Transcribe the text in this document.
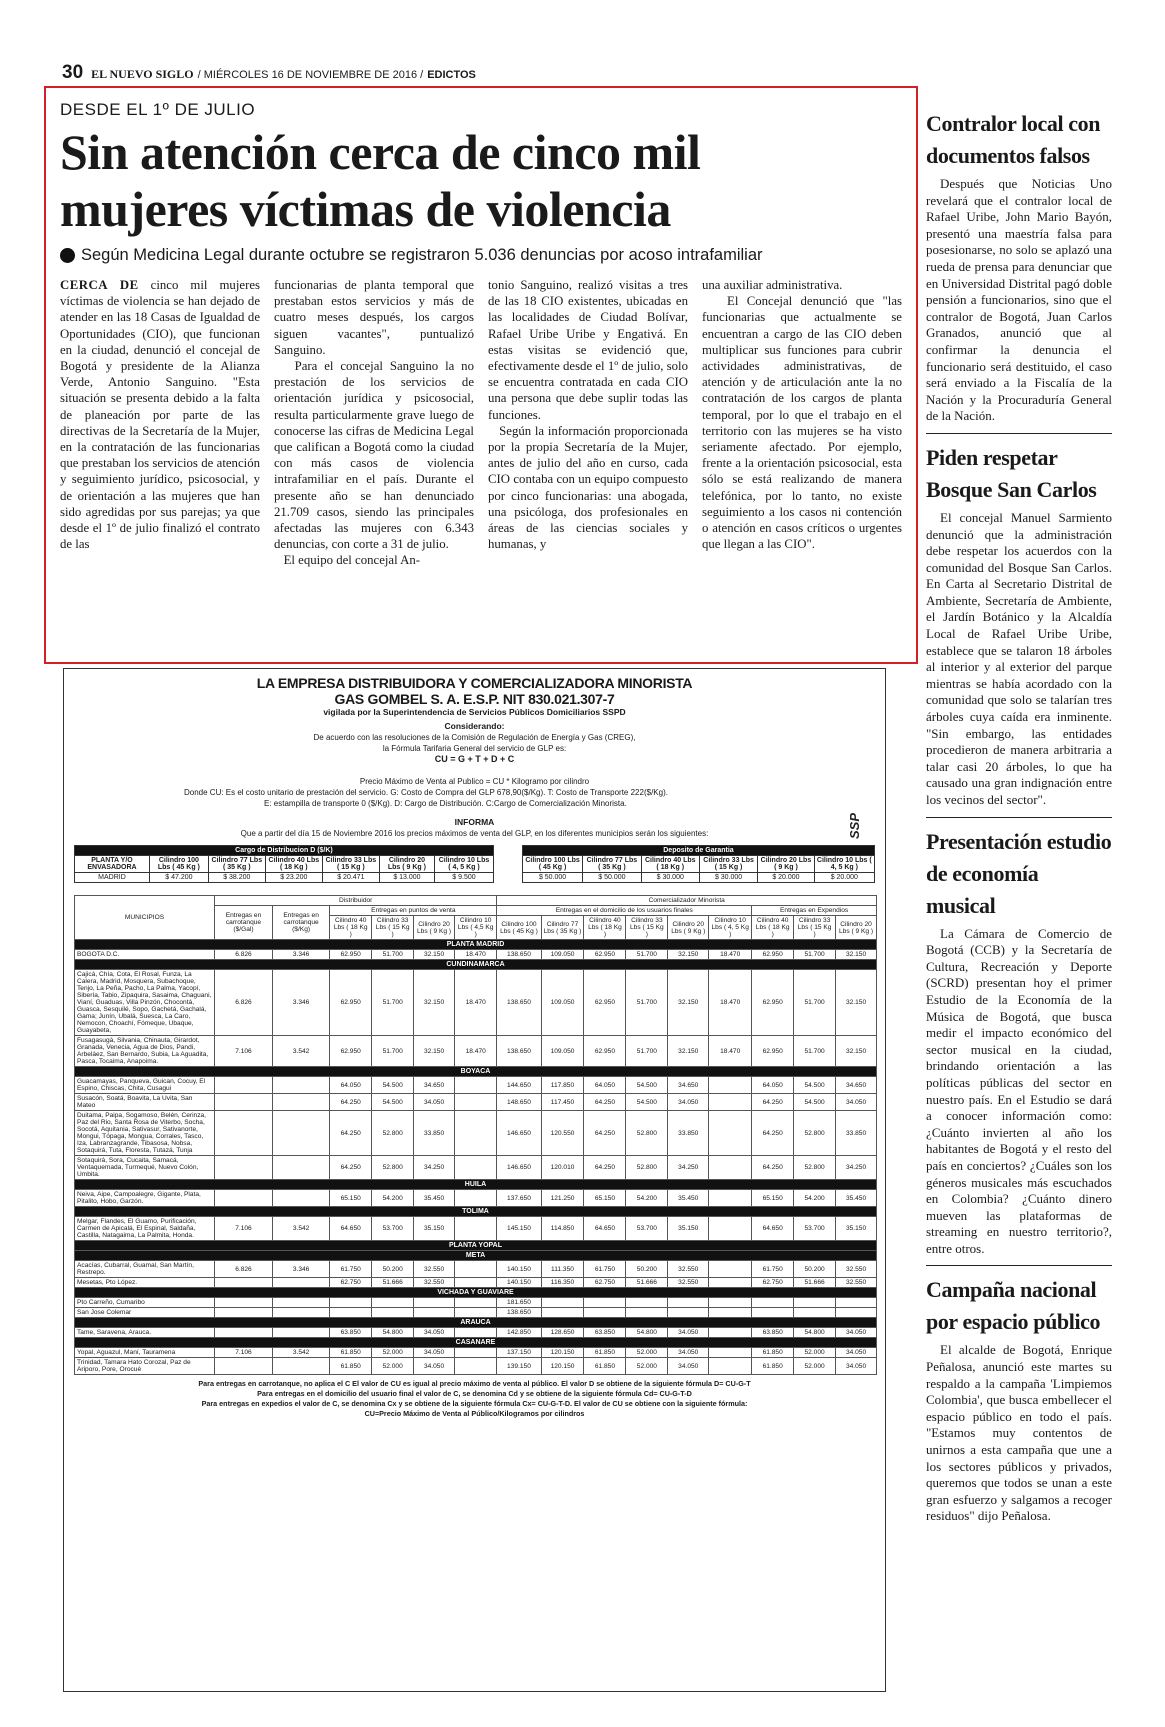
30 EL NUEVO SIGLO / MIÉRCOLES 16 DE NOVIEMBRE DE 2016 / EDICTOS
DESDE EL 1º DE JULIO
Sin atención cerca de cinco mil
mujeres víctimas de violencia
Según Medicina Legal durante octubre se registraron 5.036 denuncias por acoso intrafamiliar

CERCA DE cinco mil mujeres víctimas de violencia se han dejado de atender en las 18 Casas de Igualdad de Oportunidades (CIO), que funcionan en la ciudad, denunció el concejal de Bogotá y presidente de la Alianza Verde, Antonio Sanguino. "Esta situación se presenta debido a la falta de planeación por parte de las directivas de la Secretaría de la Mujer, en la contratación de las funcionarias que prestaban los servicios de atención y seguimiento jurídico, psicosocial, y de orientación a las mujeres que han sido agredidas por sus parejas; ya que desde el 1º de julio finalizó el contrato de las

funcionarias de planta temporal que prestaban estos servicios y más de cuatro meses después, los cargos siguen vacantes", puntualizó Sanguino.
Para el concejal Sanguino la no prestación de los servicios de orientación jurídica y psicosocial, resulta particularmente grave luego de conocerse las cifras de Medicina Legal que califican a Bogotá como la ciudad con más casos de violencia intrafamiliar en el país. Durante el presente año se han denunciado 21.709 casos, siendo las principales afectadas las mujeres con 6.343 denuncias, con corte a 31 de julio.
El equipo del concejal An-

tonio Sanguino, realizó visitas a tres de las 18 CIO existentes, ubicadas en las localidades de Ciudad Bolívar, Rafael Uribe Uribe y Engativá. En estas visitas se evidenció que, efectivamente desde el 1º de julio, solo se encuentra contratada en cada CIO una persona que debe suplir todas las funciones.
Según la información proporcionada por la propia Secretaría de la Mujer, antes de julio del año en curso, cada CIO contaba con un equipo compuesto por cinco funcionarias: una abogada, una psicóloga, dos profesionales en áreas de las ciencias sociales y humanas, y

una auxiliar administrativa.
El Concejal denunció que "las funcionarias que actualmente se encuentran a cargo de las CIO deben multiplicar sus funciones para cubrir actividades administrativas, de atención y de articulación ante la no contratación de los cargos de planta temporal, por lo que el trabajo en el territorio con las mujeres se ha visto seriamente afectado. Por ejemplo, frente a la orientación psicosocial, esta sólo se está realizando de manera telefónica, por lo tanto, no existe seguimiento a los casos ni contención o atención en casos críticos o urgentes que llegan a las CIO".

LA EMPRESA DISTRIBUIDORA Y COMERCIALIZADORA MINORISTA
GAS GOMBEL S. A. E.S.P. NIT 830.021.307-7
vigilada por la Superintendencia de Servicios Públicos Domiciliarios SSPD
Considerando:
De acuerdo con las resoluciones de la Comisión de Regulación de Energía y Gas (CREG),
la Fórmula Tarifaria General del servicio de GLP es:
CU = G + T + D + C
Precio Máximo de Venta al Publico = CU * Kilogramo por cilindro
Donde CU: Es el costo unitario de prestación del servicio. G: Costo de Compra del GLP 678,90($/Kg). T: Costo de Transporte 222($/Kg).
E: estampilla de transporte 0 ($/Kg). D: Cargo de Distribución. C:Cargo de Comercialización Minorista.
INFORMA
Que a partir del día 15 de Noviembre 2016 los precios máximos de venta del GLP, en los diferentes municipios serán los siguientes:	SSP
Cargo de Distribucion D ($/K)						
PLANTA Y/O ENVASADORA	Cilindro 100 Lbs ( 45 Kg )	Cilindro 77 Lbs ( 35 Kg )	Cilindro 40 Lbs ( 18 Kg )	Cilindro 33 Lbs ( 15 Kg )	Cilindro 20 Lbs ( 9 Kg )	Cilindro 10 Lbs ( 4, 5 Kg )
MADRID	$ 47.200	$ 38.200	$ 23.200	$ 20.471	$ 13.000	$ 9.500
Deposito de Garantia					
Cilindro 100 Lbs ( 45 Kg )	Cilindro 77 Lbs ( 35 Kg )	Cilindro 40 Lbs ( 18 Kg )	Cilindro 33 Lbs ( 15 Kg )	Cilindro 20 Lbs ( 9 Kg )	Cilindro 10 Lbs ( 4, 5 Kg )
$ 50.000	$ 50.000	$ 30.000	$ 30.000	$ 20.000	$ 20.000
MUNICIPIOS	Distribuidor						Comercializador Minorista								
	Entregas en carrotanque ($/Gal)	Entregas en carrotanque ($/Kg)	Entregas en puntos de venta				Entregas en el domicilio de los usuarios finales						Entregas en Expendios		
			Cilindro 40 Lbs ( 18 Kg )	Cilindro 33 Lbs ( 15 Kg )	Cilindro 20 Lbs ( 9 Kg )	Cilindro 10 Lbs ( 4,5 Kg )	Cilindro 100 Lbs ( 45 Kg )	Cilindro 77 Lbs ( 35 Kg )	Cilindro 40 Lbs ( 18 Kg )	Cilindro 33 Lbs ( 15 Kg )	Cilindro 20 Lbs ( 9 Kg )	Cilindro 10 Lbs ( 4, 5 Kg )	Cilindro 40 Lbs ( 18 Kg )	Cilindro 33 Lbs ( 15 Kg )	Cilindro 20 Lbs ( 9 Kg )
PLANTA MADRID															
BOGOTA D.C.	6.826	3.346	62.950	51.700	32.150	18.470	138.650	109.050	62.950	51.700	32.150	18.470	62.950	51.700	32.150
CUNDINAMARCA															
Cajicá, Chía, Cota, El Rosal, Funza, La Calera, Madrid, Mosquera, Subachoque, Tenjo, La Peña, Pacho, La Palma, Yacopí, Sibería, Tabio, Zipaquira, Sasaima, Chaguani, Vianí, Guaduas, Villa Pinzón, Chocontá, Guasca, Sesquilé, Sopo, Gachetá, Gachalá, Gama; Junín, Ubalá, Suesca, La Caro, Nemocon, Choachí, Fómeque, Ubaque, Guayabeta,	6.826	3.346	62.950	51.700	32.150	18.470	138.650	109.050	62.950	51.700	32.150	18.470	62.950	51.700	32.150
Fusagasugá, Silvania, Chinauta, Girardot, Granada, Venecia, Agua de Dios, Pandi, Arbeláez, San Bernardo, Subia, La Aguadita, Pasca, Tocaima, Anapoima.	7.106	3.542	62.950	51.700	32.150	18.470	138.650	109.050	62.950	51.700	32.150	18.470	62.950	51.700	32.150
BOYACA															
Guacamayas, Panqueva, Guican, Cocuy, El Espino, Chiscas, Chita, Cusagui			64.050	54.500	34.650		144.650	117.850	64.050	54.500	34.650		64.050	54.500	34.650
Susacón, Soatá, Boavita, La Uvita, San Mateo			64.250	54.500	34.050		148.650	117.450	64.250	54.500	34.050		64.250	54.500	34.050
Duitama, Paipa, Sogamoso, Belén, Cerinza, Paz del Rio, Santa Rosa de Viterbo, Socha, Socotá, Aquitania, Sativasur, Sativanorte, Mongui, Tópaga, Mongua, Corrales, Tasco, Iza, Labranzagrande, Tibasosa, Nobsa, Sotaquirá, Tuta, Floresta, Tutazá, Tunja			64.250	52.800	33.850		146.650	120.550	64.250	52.800	33.850		64.250	52.800	33.850
Sotaquirá, Sora, Cucaita, Samacá, Ventaquemada, Turmequé, Nuevo Colón, Umbita.			64.250	52.800	34.250		146.650	120.010	64.250	52.800	34.250		64.250	52.800	34.250
HUILA															
Neiva, Aipe, Campoalegre, Gigante, Plata, Pitalito, Hobo, Garzón.			65.150	54.200	35.450		137.650	121.250	65.150	54.200	35.450		65.150	54.200	35.450
TOLIMA															
Melgar, Flandes, El Guamo, Purificación, Carmen de Apicalá, El Espinal, Saldaña, Castilla, Natagaima, La Palmita, Honda.	7.106	3.542	64.650	53.700	35.150		145.150	114.850	64.650	53.700	35.150		64.650	53.700	35.150
PLANTA YOPAL															
META															
Acacías, Cubarral, Guamal, San Martín, Restrepo.	6.826	3.346	61.750	50.200	32.550		140.150	111.350	61.750	50.200	32.550		61.750	50.200	32.550
Mesetas, Pto López.			62.750	51.666	32.550		140.150	116.350	62.750	51.666	32.550		62.750	51.666	32.550
VICHADA Y GUAVIARE															
Pto Carreño, Cumaribo							181.650								
San Jose Colemar							138.650								
ARAUCA															
Tame, Saravena, Arauca.			63.850	54.800	34.050		142.850	128.650	63.850	54.800	34.050		63.850	54.800	34.050
CASANARE															
Yopal, Aguazul, Maní, Tauramena	7.106	3.542	61.850	52.000	34.050		137.150	120.150	61.850	52.000	34.050		61.850	52.000	34.050
Trinidad, Tamara Hato Corozal, Paz de Ariporo, Pore, Orocué			61.850	52.000	34.050		139.150	120.150	61.850	52.000	34.050		61.850	52.000	34.050
Para entregas en carrotanque, no aplica el C El valor de CU es igual al precio máximo de venta al público. El valor D se obtiene de la siguiente fórmula D= CU-G-T
Para entregas en el domicilio del usuario final el valor de C, se denomina Cd y se obtiene de la siguiente fórmula Cd= CU-G-T-D
Para entregas en expedios el valor de C, se denomina Cx y se obtiene de la siguiente fórmula Cx= CU-G-T-D. El valor de CU se obtiene con la siguiente fórmula:
CU=Precio Máximo de Venta al Público/Kilogramos por cilindros
Contralor local con documentos falsos

Después que Noticias Uno revelará que el contralor local de Rafael Uribe, John Mario Bayón, presentó una maestría falsa para posesionarse, no solo se aplazó una rueda de prensa para denunciar que en Universidad Distrital pagó doble pensión a funcionarios, sino que el contralor de Bogotá, Juan Carlos Granados, anunció que al confirmar la denuncia el funcionario será destituido, el caso será enviado a la Fiscalía de la Nación y la Procuraduría General de la Nación.

Piden respetar Bosque San Carlos

El concejal Manuel Sarmiento denunció que la administración debe respetar los acuerdos con la comunidad del Bosque San Carlos. En Carta al Secretario Distrital de Ambiente, Secretaría de Ambiente, el Jardín Botánico y la Alcaldía Local de Rafael Uribe Uribe, establece que se talaron 18 árboles al interior y al exterior del parque mientras se había acordado con la comunidad que solo se talarían tres árboles cuya caída era inminente. "Sin embargo, las entidades procedieron de manera arbitraria a talar casi 20 árboles, lo que ha causado una gran indignación entre los vecinos del sector".

Presentación estudio de economía musical

La Cámara de Comercio de Bogotá (CCB) y la Secretaría de Cultura, Recreación y Deporte (SCRD) presentan hoy el primer Estudio de la Economía de la Música de Bogotá, que busca medir el impacto económico del sector musical en la ciudad, brindando orientación a las políticas públicas del sector en nuestro país. En el Estudio se dará a conocer información como: ¿Cuánto invierten al año los habitantes de Bogotá y el resto del país en conciertos? ¿Cuáles son los géneros musicales más escuchados en Colombia? ¿Cuánto dinero mueven las plataformas de streaming en nuestro territorio?, entre otros.

Campaña nacional por espacio público

El alcalde de Bogotá, Enrique Peñalosa, anunció este martes su respaldo a la campaña 'Limpiemos Colombia', que busca embellecer el espacio público en todo el país. "Estamos muy contentos de unirnos a esta campaña que une a los sectores públicos y privados, queremos que todos se unan a este gran esfuerzo y salgamos a recoger residuos" dijo Peñalosa.
